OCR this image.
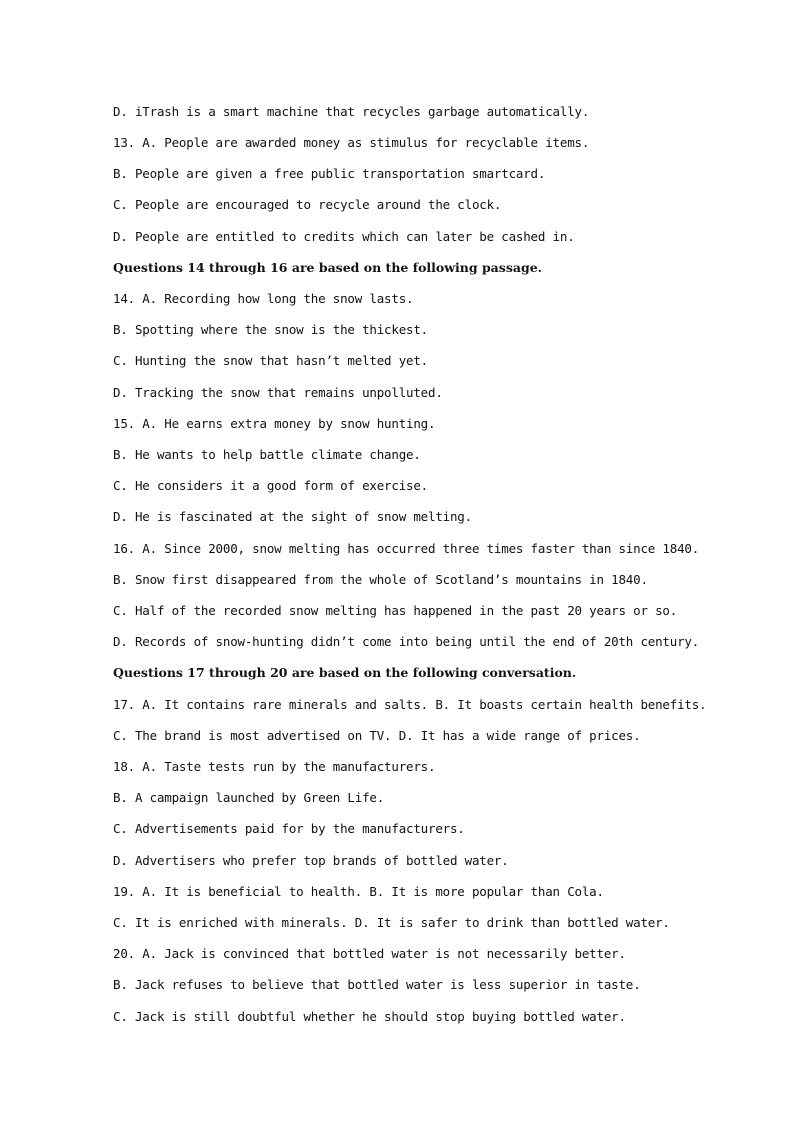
D. iTrash is a smart machine that recycles garbage automatically.
13. A. People are awarded money as stimulus for recyclable items.
B. People are given a free public transportation smartcard.
C. People are encouraged to recycle around the clock.
D. People are entitled to credits which can later be cashed in.
Questions 14 through 16 are based on the following passage.
14. A. Recording how long the snow lasts.
B. Spotting where the snow is the thickest.
C. Hunting the snow that hasn’t melted yet.
D. Tracking the snow that remains unpolluted.
15. A. He earns extra money by snow hunting.
B. He wants to help battle climate change.
C. He considers it a good form of exercise.
D. He is fascinated at the sight of snow melting.
16. A. Since 2000, snow melting has occurred three times faster than since 1840.
B. Snow first disappeared from the whole of Scotland’s mountains in 1840.
C. Half of the recorded snow melting has happened in the past 20 years or so.
D. Records of snow-hunting didn’t come into being until the end of 20th century.
Questions 17 through 20 are based on the following conversation.
17. A. It contains rare minerals and salts. B. It boasts certain health benefits.
C. The brand is most advertised on TV. D. It has a wide range of prices.
18. A. Taste tests run by the manufacturers.
B. A campaign launched by Green Life.
C. Advertisements paid for by the manufacturers.
D. Advertisers who prefer top brands of bottled water.
19. A. It is beneficial to health. B. It is more popular than Cola.
C. It is enriched with minerals. D. It is safer to drink than bottled water.
20. A. Jack is convinced that bottled water is not necessarily better.
B. Jack refuses to believe that bottled water is less superior in taste.
C. Jack is still doubtful whether he should stop buying bottled water.
